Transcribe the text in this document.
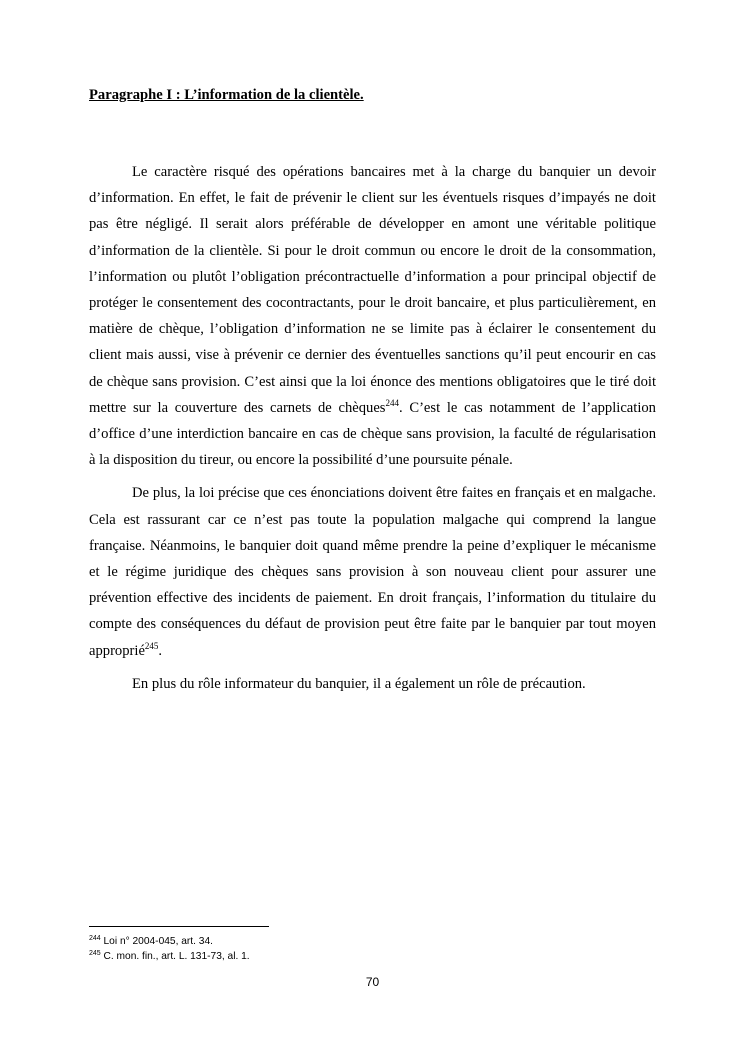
Paragraphe I : L’information de la clientèle.

Le caractère risqué des opérations bancaires met à la charge du banquier un devoir d’information. En effet, le fait de prévenir le client sur les éventuels risques d’impayés ne doit pas être négligé. Il serait alors préférable de développer en amont une véritable politique d’information de la clientèle. Si pour le droit commun ou encore le droit de la consommation, l’information ou plutôt l’obligation précontractuelle d’information a pour principal objectif de protéger le consentement des cocontractants, pour le droit bancaire, et plus particulièrement, en matière de chèque, l’obligation d’information ne se limite pas à éclairer le consentement du client mais aussi, vise à prévenir ce dernier des éventuelles sanctions qu’il peut encourir en cas de chèque sans provision. C’est ainsi que la loi énonce des mentions obligatoires que le tiré doit mettre sur la couverture des carnets de chèques$^{244}$. C’est le cas notamment de l’application d’office d’une interdiction bancaire en cas de chèque sans provision, la faculté de régularisation à la disposition du tireur, ou encore la possibilité d’une poursuite pénale.

De plus, la loi précise que ces énonciations doivent être faites en français et en malgache. Cela est rassurant car ce n’est pas toute la population malgache qui comprend la langue française. Néanmoins, le banquier doit quand même prendre la peine d’expliquer le mécanisme et le régime juridique des chèques sans provision à son nouveau client pour assurer une prévention effective des incidents de paiement. En droit français, l’information du titulaire du compte des conséquences du défaut de provision peut être faite par le banquier par tout moyen approprié$^{245}$.

En plus du rôle informateur du banquier, il a également un rôle de précaution.

$^{244}$ Loi n° 2004-045, art. 34.
$^{245}$ C. mon. fin., art. L. 131-73, al. 1.
70
